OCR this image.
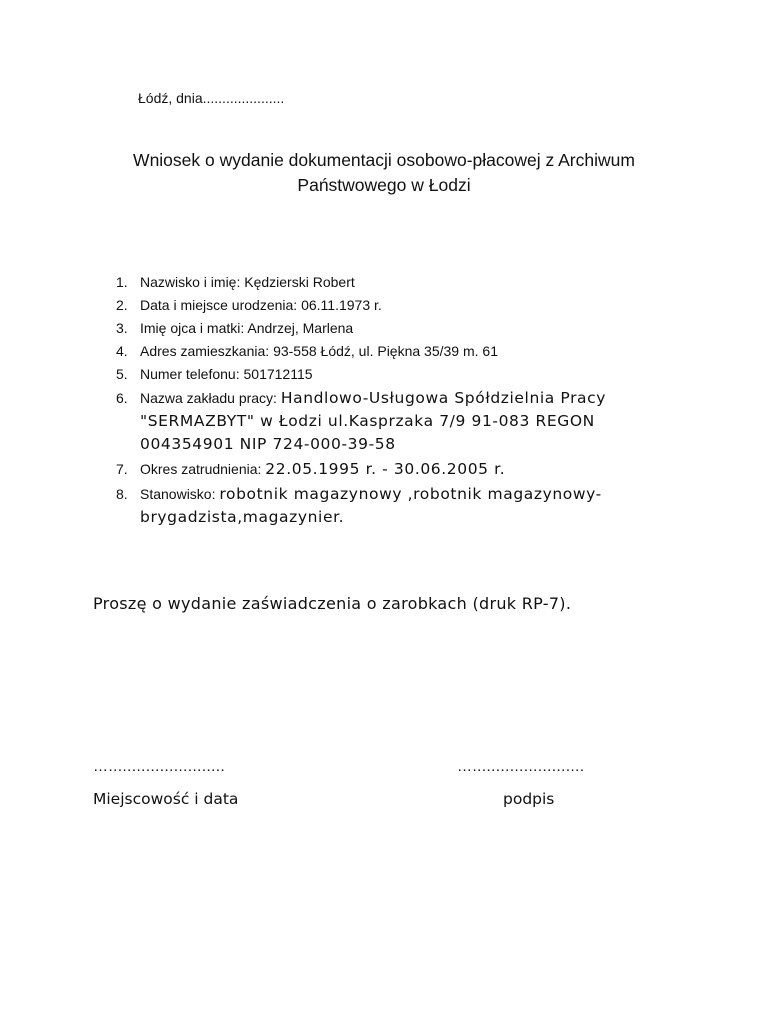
Łódź, dnia.....................
Wniosek o wydanie dokumentacji osobowo-płacowej z Archiwum
Państwowego w Łodzi
1. Nazwisko i imię: Kędzierski Robert
2. Data i miejsce urodzenia: 06.11.1973 r.
3. Imię ojca i matki: Andrzej, Marlena
4. Adres zamieszkania: 93-558 Łódź, ul. Piękna 35/39 m. 61
5. Numer telefonu: 501712115
6. Nazwa zakładu pracy: Handlowo-Usługowa Spółdzielnia Pracy "SERMAZBYT" w Łodzi ul.Kasprzaka 7/9 91-083 REGON 004354901 NIP 724-000-39-58
7. Okres zatrudnienia: 22.05.1995 r. - 30.06.2005 r.
8. Stanowisko: robotnik magazynowy ,robotnik magazynowy-brygadzista,magazynier.
Proszę o wydanie zaświadczenia o zarobkach (druk RP-7).
….........................	…........................
Miejscowość i data	podpis
